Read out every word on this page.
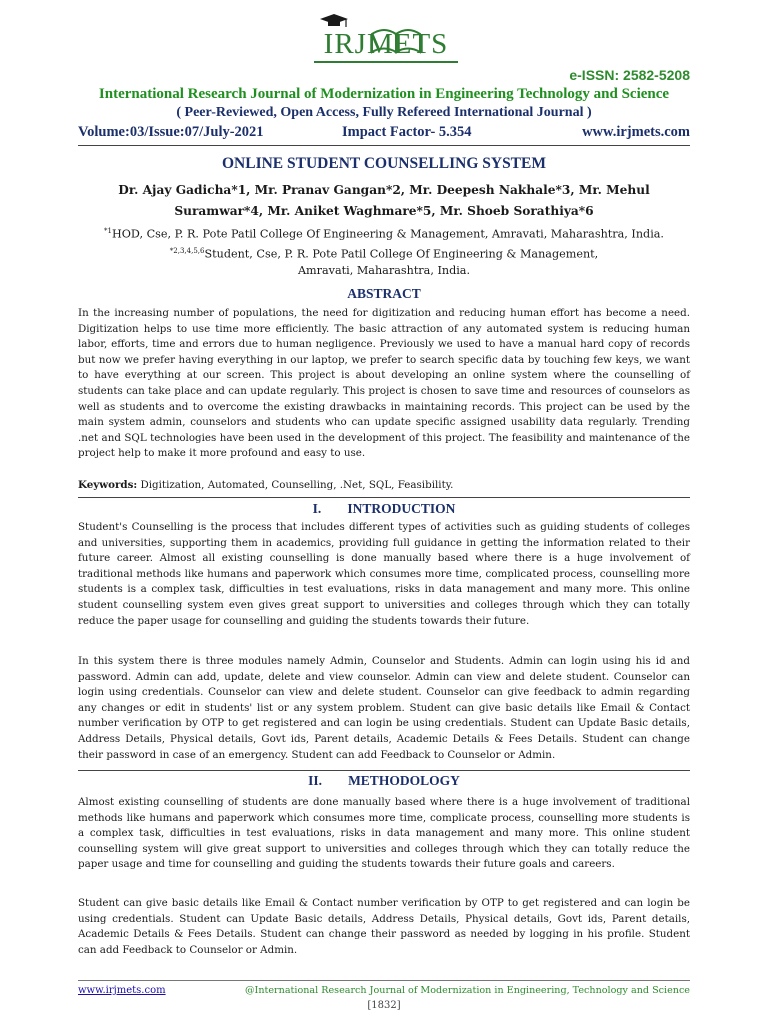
IRJMETS
e-ISSN: 2582-5208
International Research Journal of Modernization in Engineering Technology and Science
( Peer-Reviewed, Open Access, Fully Refereed International Journal )
Volume:03/Issue:07/July-2021	Impact Factor- 5.354	www.irjmets.com
ONLINE STUDENT COUNSELLING SYSTEM
Dr. Ajay Gadicha*1, Mr. Pranav Gangan*2, Mr. Deepesh Nakhale*3, Mr. Mehul
Suramwar*4, Mr. Aniket Waghmare*5, Mr. Shoeb Sorathiya*6
$^{*1}$HOD, Cse, P. R. Pote Patil College Of Engineering & Management, Amravati, Maharashtra, India.
$^{*2,3,4,5,6}$Student, Cse, P. R. Pote Patil College Of Engineering & Management,
Amravati, Maharashtra, India.
ABSTRACT
In the increasing number of populations, the need for digitization and reducing human effort has become a need. Digitization helps to use time more efficiently. The basic attraction of any automated system is reducing human labor, efforts, time and errors due to human negligence. Previously we used to have a manual hard copy of records but now we prefer having everything in our laptop, we prefer to search specific data by touching few keys, we want to have everything at our screen. This project is about developing an online system where the counselling of students can take place and can update regularly. This project is chosen to save time and resources of counselors as well as students and to overcome the existing drawbacks in maintaining records. This project can be used by the main system admin, counselors and students who can update specific assigned usability data regularly. Trending .net and SQL technologies have been used in the development of this project. The feasibility and maintenance of the project help to make it more profound and easy to use.
Keywords: Digitization, Automated, Counselling, .Net, SQL, Feasibility.
I. INTRODUCTION
Student's Counselling is the process that includes different types of activities such as guiding students of colleges and universities, supporting them in academics, providing full guidance in getting the information related to their future career. Almost all existing counselling is done manually based where there is a huge involvement of traditional methods like humans and paperwork which consumes more time, complicated process, counselling more students is a complex task, difficulties in test evaluations, risks in data management and many more. This online student counselling system even gives great support to universities and colleges through which they can totally reduce the paper usage for counselling and guiding the students towards their future.
In this system there is three modules namely Admin, Counselor and Students. Admin can login using his id and password. Admin can add, update, delete and view counselor. Admin can view and delete student. Counselor can login using credentials. Counselor can view and delete student. Counselor can give feedback to admin regarding any changes or edit in students' list or any system problem. Student can give basic details like Email & Contact number verification by OTP to get registered and can login be using credentials. Student can Update Basic details, Address Details, Physical details, Govt ids, Parent details, Academic Details & Fees Details. Student can change their password in case of an emergency. Student can add Feedback to Counselor or Admin.
II. METHODOLOGY
Almost existing counselling of students are done manually based where there is a huge involvement of traditional methods like humans and paperwork which consumes more time, complicate process, counselling more students is a complex task, difficulties in test evaluations, risks in data management and many more. This online student counselling system will give great support to universities and colleges through which they can totally reduce the paper usage and time for counselling and guiding the students towards their future goals and careers.
Student can give basic details like Email & Contact number verification by OTP to get registered and can login be using credentials. Student can Update Basic details, Address Details, Physical details, Govt ids, Parent details, Academic Details & Fees Details. Student can change their password as needed by logging in his profile. Student can add Feedback to Counselor or Admin.
www.irjmets.com	@International Research Journal of Modernization in Engineering, Technology and Science
[1832]
